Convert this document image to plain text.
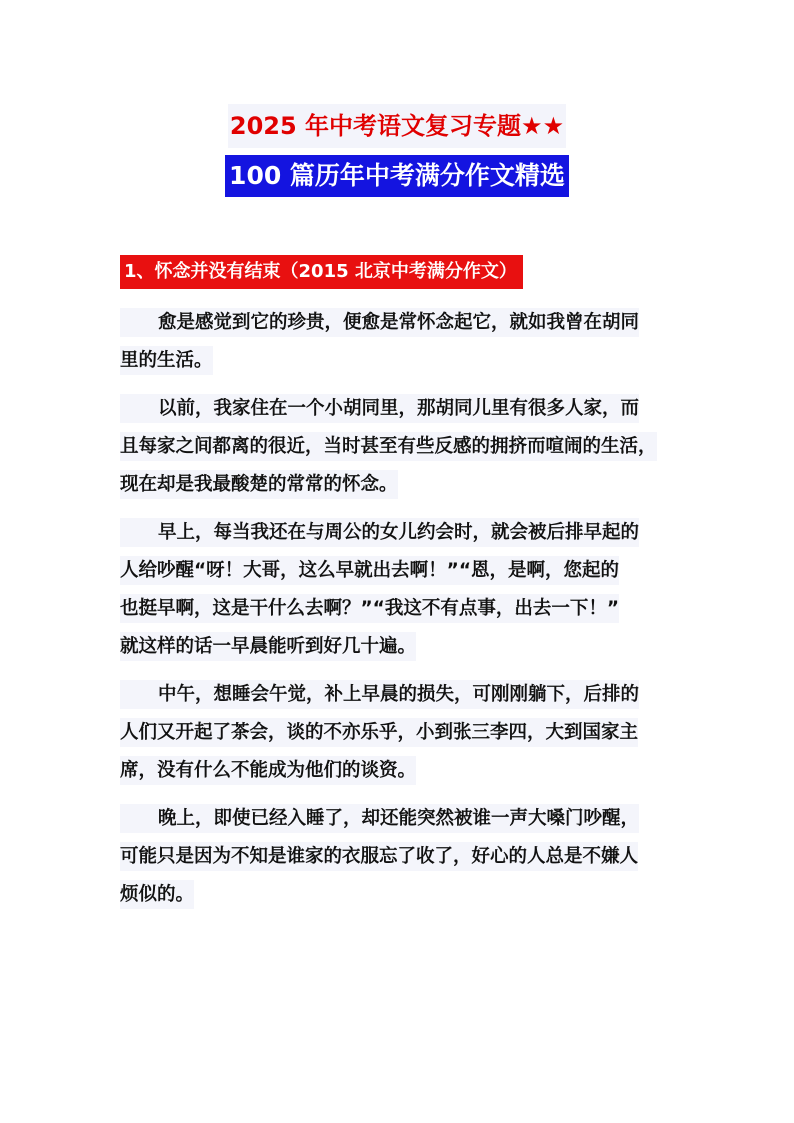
2025 年中考语文复习专题★★
100 篇历年中考满分作文精选
1、怀念并没有结束（2015 北京中考满分作文）
愈是感觉到它的珍贵，便愈是常怀念起它，就如我曾在胡同
里的生活。
以前，我家住在一个小胡同里，那胡同儿里有很多人家，而
且每家之间都离的很近，当时甚至有些反感的拥挤而喧闹的生活，
现在却是我最酸楚的常常的怀念。
早上，每当我还在与周公的女儿约会时，就会被后排早起的
人给吵醒“呀！大哥，这么早就出去啊！”“恩，是啊，您起的
也挺早啊，这是干什么去啊？”“我这不有点事，出去一下！”
就这样的话一早晨能听到好几十遍。
中午，想睡会午觉，补上早晨的损失，可刚刚躺下，后排的
人们又开起了茶会，谈的不亦乐乎，小到张三李四，大到国家主
席，没有什么不能成为他们的谈资。
晚上，即使已经入睡了，却还能突然被谁一声大嗓门吵醒，
可能只是因为不知是谁家的衣服忘了收了，好心的人总是不嫌人
烦似的。
